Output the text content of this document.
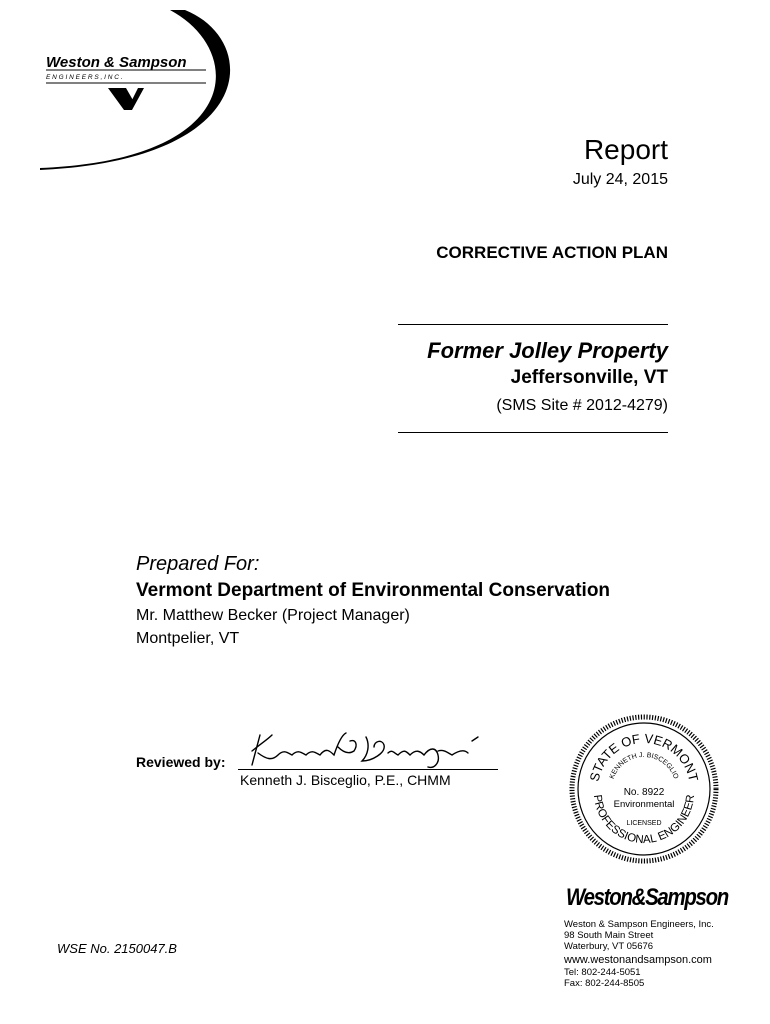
Weston & Sampson
E N G I N E E R S , I N C .
Report
July 24, 2015
CORRECTIVE ACTION PLAN
Former Jolley Property
Jeffersonville, VT
(SMS Site # 2012-4279)
Prepared For:
Vermont Department of Environmental Conservation
Mr. Matthew Becker (Project Manager)
Montpelier, VT
Reviewed by:
Kenneth J. Bisceglio, P.E., CHMM	STATE OF VERMONT
KENNETH J. BISCEGLIO
No. 8922
Environmental
LICENSED
PROFESSIONAL ENGINEER
Weston&Sampson
Weston & Sampson Engineers, Inc.
98 South Main Street
Waterbury, VT 05676
www.westonandsampson.com
Tel: 802-244-5051
Fax: 802-244-8505
WSE No. 2150047.B
